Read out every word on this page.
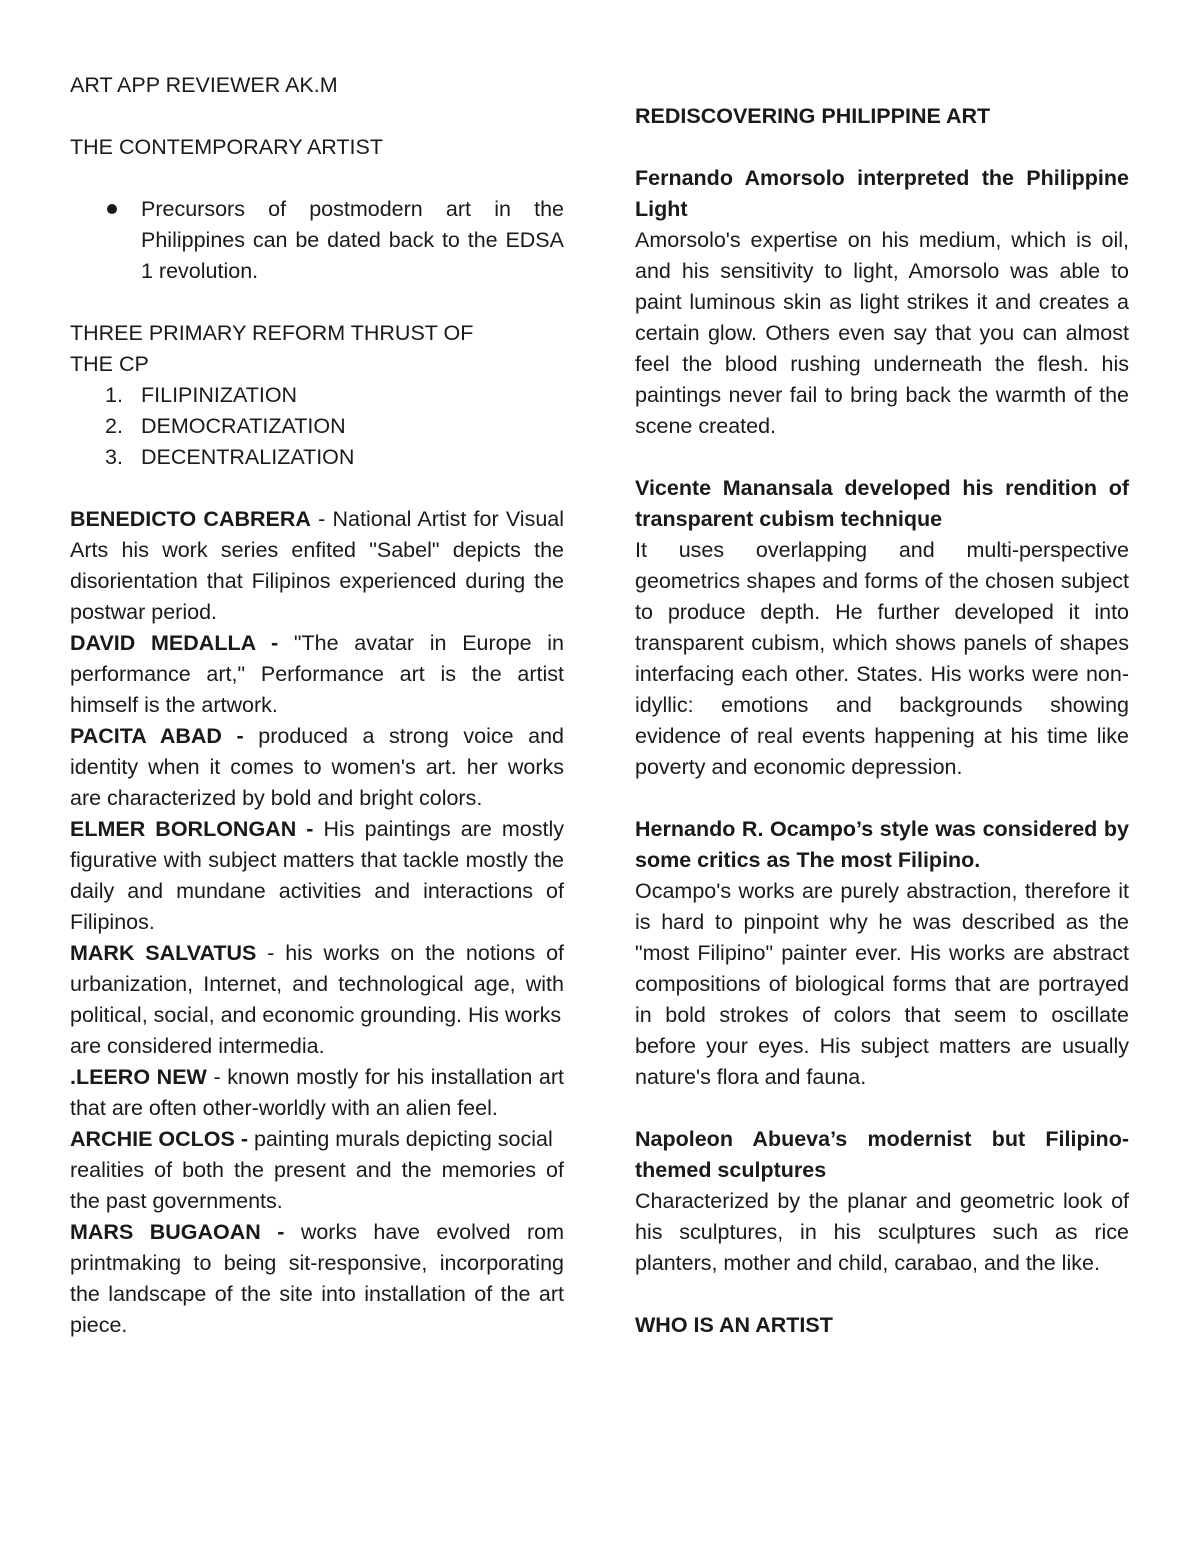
ART APP REVIEWER AK.M

THE CONTEMPORARY ARTIST

Precursors of postmodern art in the Philippines can be dated back to the EDSA 1 revolution.

THREE PRIMARY REFORM THRUST OF

THE CP

1. FILIPINIZATION
2. DEMOCRATIZATION
3. DECENTRALIZATION

BENEDICTO CABRERA - National Artist for Visual Arts his work series enfited "Sabel" depicts the disorientation that Filipinos experienced during the postwar period.

DAVID MEDALLA - "The avatar in Europe in performance art," Performance art is the artist himself is the artwork.

PACITA ABAD - produced a strong voice and identity when it comes to women's art. her works are characterized by bold and bright colors.

ELMER BORLONGAN - His paintings are mostly figurative with subject matters that tackle mostly the daily and mundane activities and interactions of Filipinos.

MARK SALVATUS - his works on the notions of urbanization, Internet, and technological age, with political, social, and economic grounding. His works

are considered intermedia.

.LEERO NEW - known mostly for his installation art that are often other-worldly with an alien feel.

ARCHIE OCLOS - painting murals depicting social

realities of both the present and the memories of the past governments.

MARS BUGAOAN - works have evolved rom printmaking to being sit-responsive, incorporating the landscape of the site into installation of the art piece.

REDISCOVERING PHILIPPINE ART

Fernando Amorsolo interpreted the Philippine Light

Amorsolo's expertise on his medium, which is oil, and his sensitivity to light, Amorsolo was able to paint luminous skin as light strikes it and creates a certain glow. Others even say that you can almost feel the blood rushing underneath the flesh. his paintings never fail to bring back the warmth of the scene created.

Vicente Manansala developed his rendition of transparent cubism technique

It uses overlapping and multi-perspective geometrics shapes and forms of the chosen subject to produce depth. He further developed it into transparent cubism, which shows panels of shapes interfacing each other. States. His works were non- idyllic: emotions and backgrounds showing evidence of real events happening at his time like poverty and economic depression.

Hernando R. Ocampo’s style was considered by some critics as The most Filipino.

Ocampo's works are purely abstraction, therefore it is hard to pinpoint why he was described as the "most Filipino" painter ever. His works are abstract compositions of biological forms that are portrayed in bold strokes of colors that seem to oscillate before your eyes. His subject matters are usually nature's flora and fauna.

Napoleon Abueva’s modernist but Filipino-themed sculptures

Characterized by the planar and geometric look of his sculptures, in his sculptures such as rice planters, mother and child, carabao, and the like.

WHO IS AN ARTIST
